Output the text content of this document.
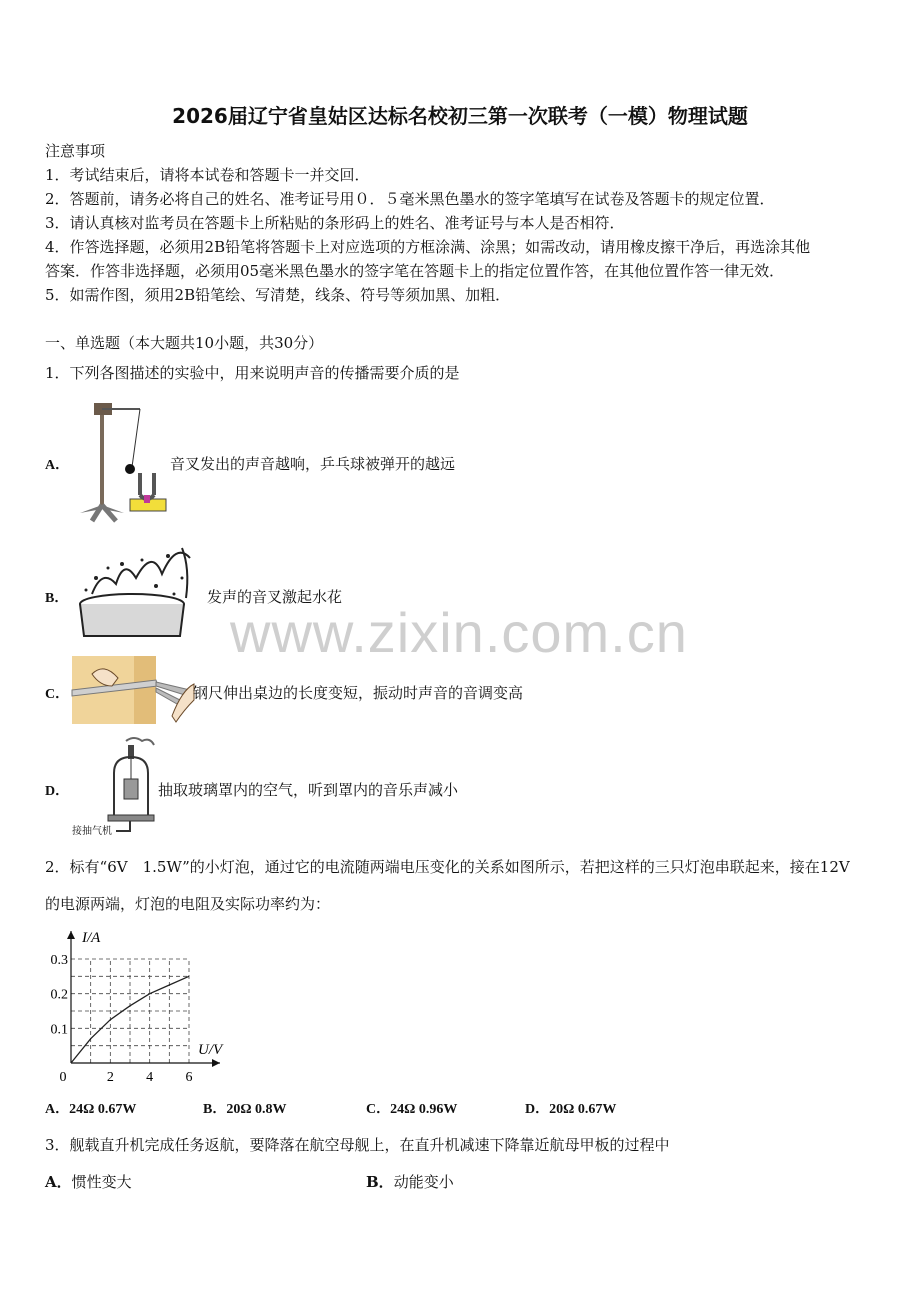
2026届辽宁省皇姑区达标名校初三第一次联考（一模）物理试题
注意事项
1．考试结束后，请将本试卷和答题卡一并交回．
2．答题前，请务必将自己的姓名、准考证号用０．５毫米黑色墨水的签字笔填写在试卷及答题卡的规定位置．
3．请认真核对监考员在答题卡上所粘贴的条形码上的姓名、准考证号与本人是否相符．
4．作答选择题，必须用2B铅笔将答题卡上对应选项的方框涂满、涂黑；如需改动，请用橡皮擦干净后，再选涂其他
答案．作答非选择题，必须用05毫米黑色墨水的签字笔在答题卡上的指定位置作答，在其他位置作答一律无效．
5．如需作图，须用2B铅笔绘、写清楚，线条、符号等须加黑、加粗．
一、单选题（本大题共10小题，共30分）
1．下列各图描述的实验中，用来说明声音的传播需要介质的是
A．	音叉发出的声音越响，乒乓球被弹开的越远
B．	发声的音叉激起水花
C．	钢尺伸出桌边的长度变短，振动时声音的音调变高
D．
接抽气机
抽取玻璃罩内的空气，听到罩内的音乐声减小
2．标有“6V　1.5W”的小灯泡，通过它的电流随两端电压变化的关系如图所示，若把这样的三只灯泡串联起来，接在12V
的电源两端，灯泡的电阻及实际功率约为：
I/A
U/V
0	2 4 6
0.1
0.2
0.3
A．24Ω 0.67W	B．20Ω 0.8W	C．24Ω 0.96W	D．20Ω 0.67W
3．舰载直升机完成任务返航，要降落在航空母舰上，在直升机减速下降靠近航母甲板的过程中
A．惯性变大	B．动能变小
www.zixin.com.cn
